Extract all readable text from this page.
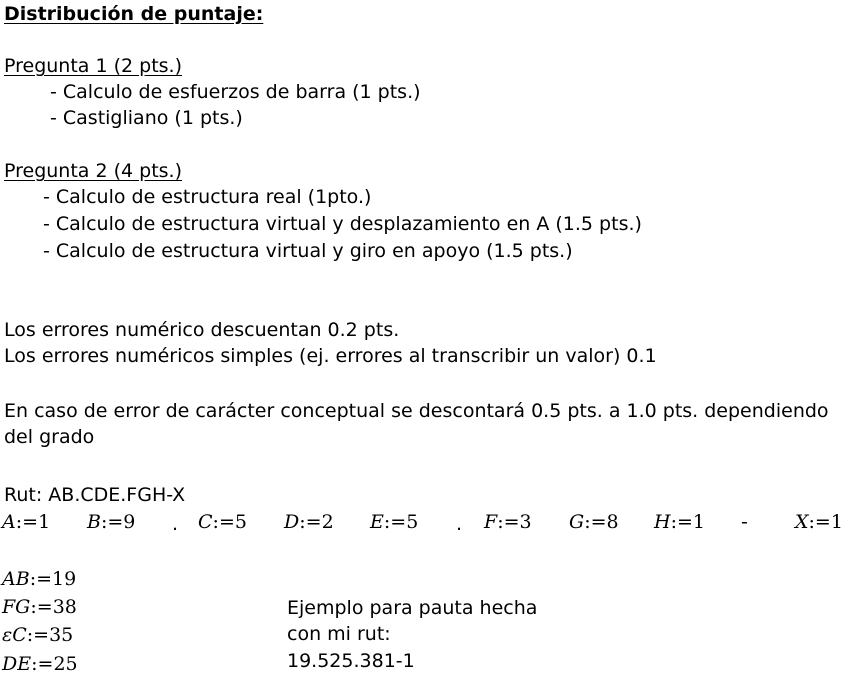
Distribución de puntaje:
Pregunta 1 (2 pts.)
- Calculo de esfuerzos de barra (1 pts.)
- Castigliano (1 pts.)
Pregunta 2 (4 pts.)
- Calculo de estructura real (1pto.)
- Calculo de estructura virtual y desplazamiento en A (1.5 pts.)
- Calculo de estructura virtual y giro en apoyo (1.5 pts.)
Los errores numérico descuentan 0.2 pts.
Los errores numéricos simples (ej. errores al transcribir un valor) 0.1
En caso de error de carácter conceptual se descontará 0.5 pts. a 1.0 pts. dependiendo
del grado
Rut: AB.CDE.FGH-X
A:=1 B:=9 . C:=5 D:=2 E:=5 . F:=3 G:=8 H:=1 - X:=1
AB:=19
FG:=38
εC:=35
DE:=25
Ejemplo para pauta hecha
con mi rut:
19.525.381-1
